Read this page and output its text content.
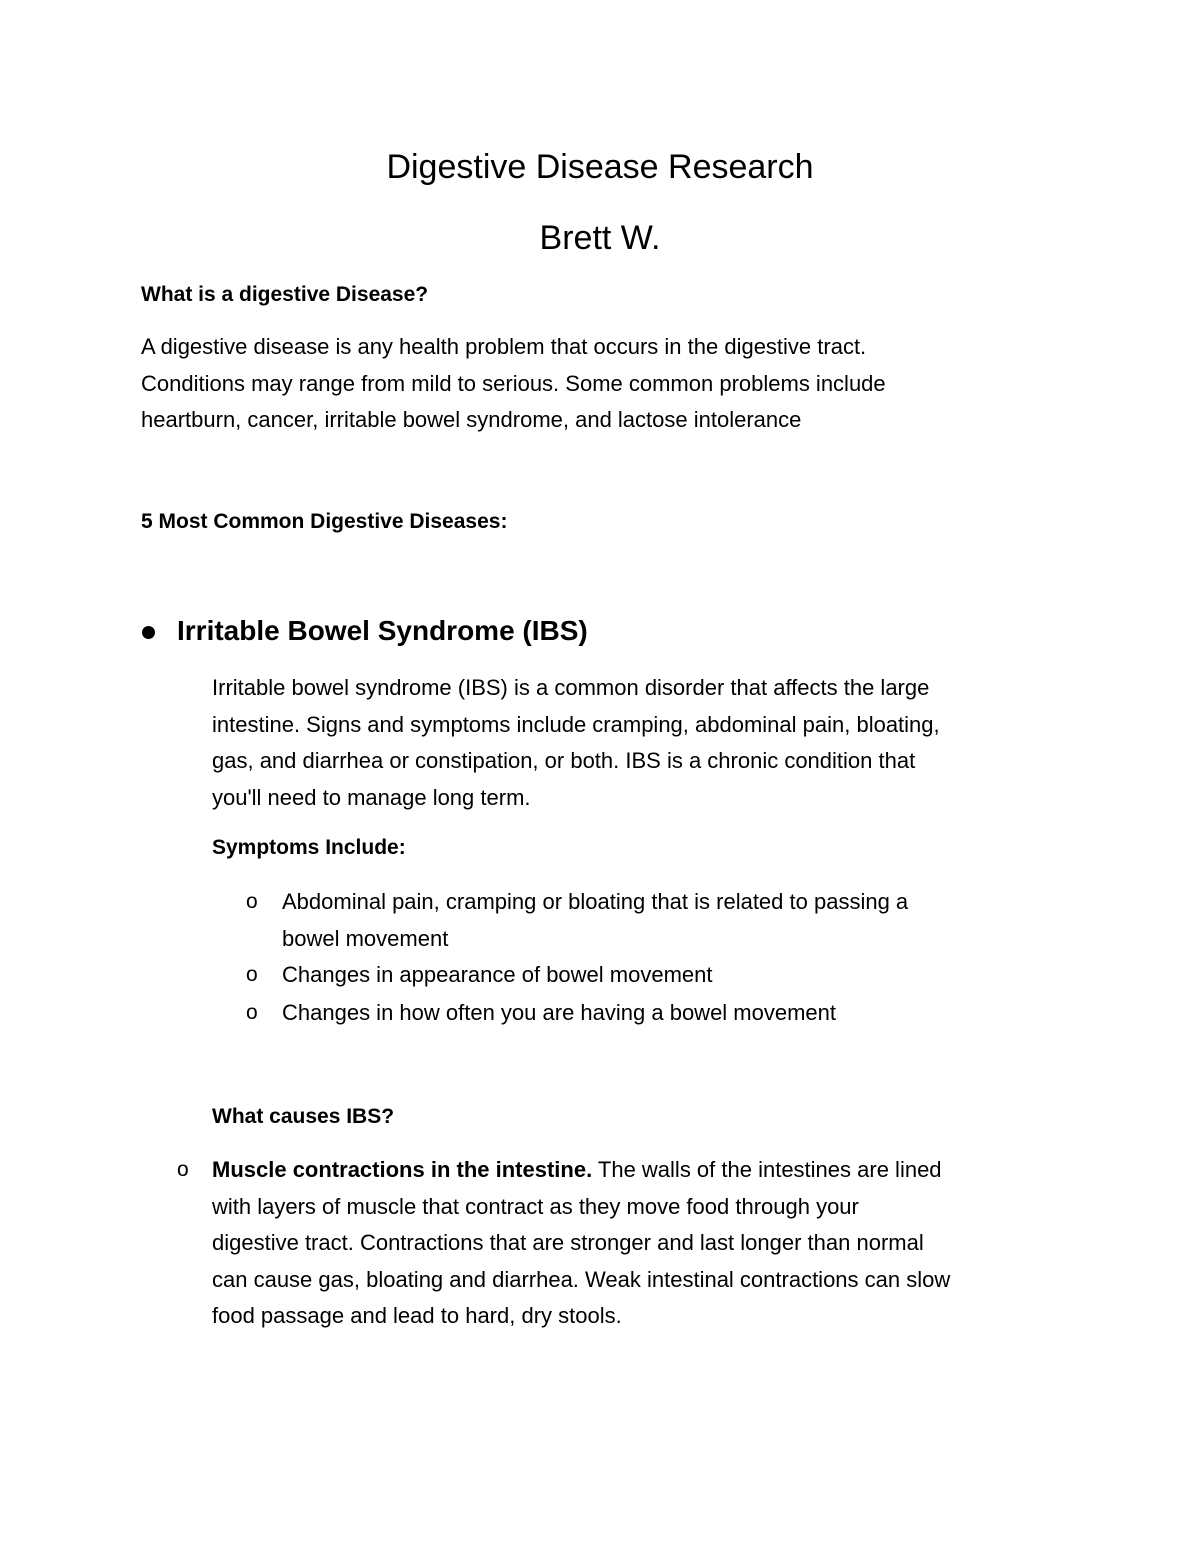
Digestive Disease Research
Brett W.
What is a digestive Disease?
A digestive disease is any health problem that occurs in the digestive tract.
Conditions may range from mild to serious. Some common problems include
heartburn, cancer, irritable bowel syndrome, and lactose intolerance
5 Most Common Digestive Diseases:
Irritable Bowel Syndrome (IBS)
Irritable bowel syndrome (IBS) is a common disorder that affects the large
intestine. Signs and symptoms include cramping, abdominal pain, bloating,
gas, and diarrhea or constipation, or both. IBS is a chronic condition that
you'll need to manage long term.
Symptoms Include:
o Abdominal pain, cramping or bloating that is related to passing a
bowel movement
o Changes in appearance of bowel movement
o Changes in how often you are having a bowel movement
What causes IBS?
o Muscle contractions in the intestine. The walls of the intestines are lined
with layers of muscle that contract as they move food through your
digestive tract. Contractions that are stronger and last longer than normal
can cause gas, bloating and diarrhea. Weak intestinal contractions can slow
food passage and lead to hard, dry stools.
